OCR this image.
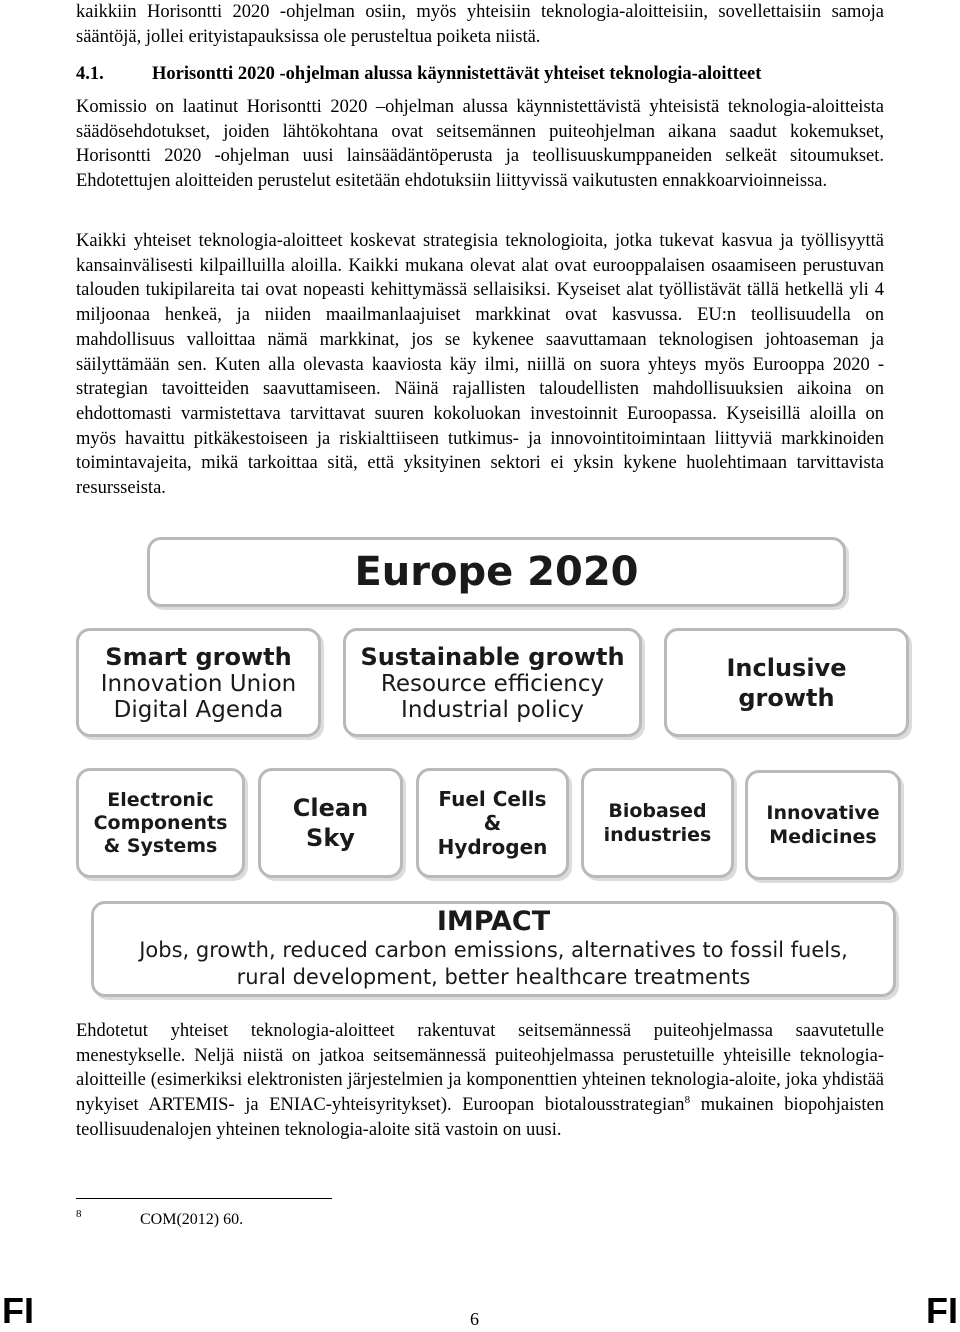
kaikkiin Horisontti 2020 -ohjelman osiin, myös yhteisiin teknologia-aloitteisiin, sovellettaisiin samoja sääntöjä, jollei erityistapauksissa ole perusteltua poiketa niistä.

4.1.	Horisontti 2020 -ohjelman alussa käynnistettävät yhteiset teknologia-aloitteet

Komissio on laatinut Horisontti 2020 –ohjelman alussa käynnistettävistä yhteisistä teknologia-aloitteista säädösehdotukset, joiden lähtökohtana ovat seitsemännen puiteohjelman aikana saadut kokemukset, Horisontti 2020 -ohjelman uusi lainsäädäntöperusta ja teollisuuskumppaneiden selkeät sitoumukset. Ehdotettujen aloitteiden perustelut esitetään ehdotuksiin liittyvissä vaikutusten ennakkoarvioinneissa.

Kaikki yhteiset teknologia-aloitteet koskevat strategisia teknologioita, jotka tukevat kasvua ja työllisyyttä kansainvälisesti kilpailluilla aloilla. Kaikki mukana olevat alat ovat eurooppalaisen osaamiseen perustuvan talouden tukipilareita tai ovat nopeasti kehittymässä sellaisiksi. Kyseiset alat työllistävät tällä hetkellä yli 4 miljoonaa henkeä, ja niiden maailmanlaajuiset markkinat ovat kasvussa. EU:n teollisuudella on mahdollisuus valloittaa nämä markkinat, jos se kykenee saavuttamaan teknologisen johtoaseman ja säilyttämään sen. Kuten alla olevasta kaaviosta käy ilmi, niillä on suora yhteys myös Eurooppa 2020 -strategian tavoitteiden saavuttamiseen. Näinä rajallisten taloudellisten mahdollisuuksien aikoina on ehdottomasti varmistettava tarvittavat suuren kokoluokan investoinnit Euroopassa. Kyseisillä aloilla on myös havaittu pitkäkestoiseen ja riskialttiiseen tutkimus- ja innovointitoimintaan liittyviä markkinoiden toimintavajeita, mikä tarkoittaa sitä, että yksityinen sektori ei yksin kykene huolehtimaan tarvittavista resursseista.

Europe 2020
Smart growth
Innovation Union
Digital Agenda
Sustainable growth
Resource efficiency
Industrial policy
Inclusive growth
Electronic Components & Systems
Clean Sky
Fuel Cells & Hydrogen
Biobased industries
Innovative Medicines
IMPACT
Jobs, growth, reduced carbon emissions, alternatives to fossil fuels,
rural development, better healthcare treatments

Ehdotetut yhteiset teknologia-aloitteet rakentuvat seitsemännessä puiteohjelmassa saavutetulle menestykselle. Neljä niistä on jatkoa seitsemännessä puiteohjelmassa perustetuille yhteisille teknologia-aloitteille (esimerkiksi elektronisten järjestelmien ja komponenttien yhteinen teknologia-aloite, joka yhdistää nykyiset ARTEMIS- ja ENIAC-yhteisyritykset). Euroopan biotalousstrategian$^8$ mukainen biopohjaisten teollisuudenalojen yhteinen teknologia-aloite sitä vastoin on uusi.

8	COM(2012) 60.
FI	6	FI
